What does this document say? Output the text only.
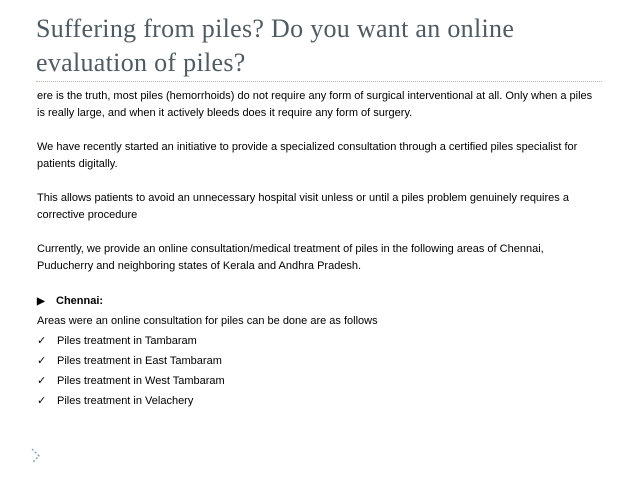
Suffering from piles? Do you want an online
evaluation of piles?

ere is the truth, most piles (hemorrhoids) do not require any form of surgical interventional at all. Only when a piles is really large, and when it actively bleeds does it require any form of surgery.

We have recently started an initiative to provide a specialized consultation through a certified piles specialist for patients digitally.

This allows patients to avoid an unnecessary hospital visit unless or until a piles problem genuinely requires a corrective procedure

Currently, we provide an online consultation/medical treatment of piles in the following areas of Chennai, Puducherry and neighboring states of Kerala and Andhra Pradesh.

▶	Chennai:
Areas were an online consultation for piles can be done are as follows
✓ Piles treatment in Tambaram
✓ Piles treatment in East Tambaram
✓ Piles treatment in West Tambaram
✓ Piles treatment in Velachery
